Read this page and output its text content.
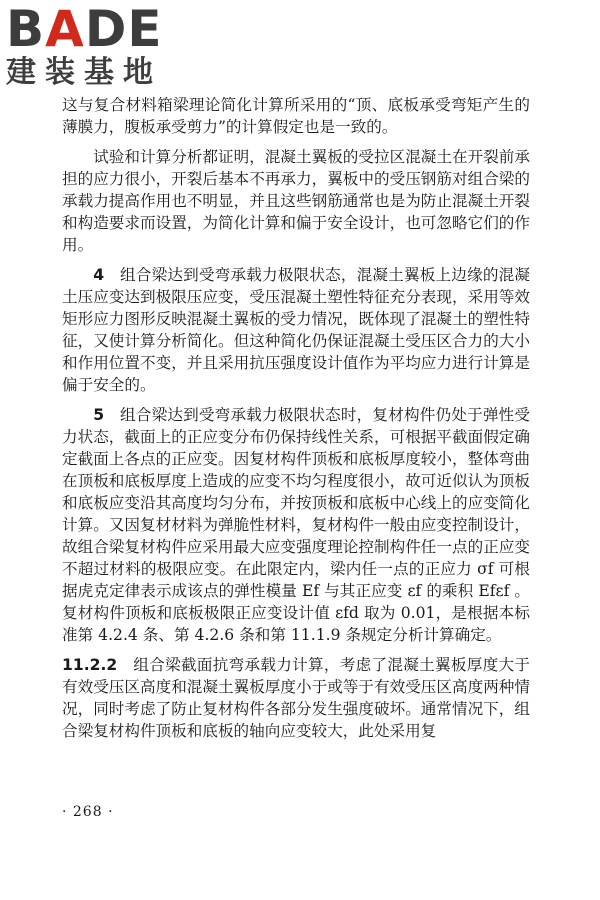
BADE
建装基地

这与复合材料箱梁理论简化计算所采用的“顶、底板承受弯矩产生的薄膜力，腹板承受剪力”的计算假定也是一致的。

试验和计算分析都证明，混凝土翼板的受拉区混凝土在开裂前承担的应力很小，开裂后基本不再承力，翼板中的受压钢筋对组合梁的承载力提高作用也不明显，并且这些钢筋通常也是为防止混凝土开裂和构造要求而设置，为简化计算和偏于安全设计，也可忽略它们的作用。

4　 组合梁达到受弯承载力极限状态，混凝土翼板上边缘的混凝土压应变达到极限压应变，受压混凝土塑性特征充分表现，采用等效矩形应力图形反映混凝土翼板的受力情况，既体现了混凝土的塑性特征，又使计算分析简化。但这种简化仍保证混凝土受压区合力的大小和作用位置不变，并且采用抗压强度设计值作为平均应力进行计算是偏于安全的。

5　 组合梁达到受弯承载力极限状态时，复材构件仍处于弹性受力状态，截面上的正应变分布仍保持线性关系，可根据平截面假定确定截面上各点的正应变。因复材构件顶板和底板厚度较小，整体弯曲在顶板和底板厚度上造成的应变不均匀程度很小，故可近似认为顶板和底板应变沿其高度均匀分布，并按顶板和底板中心线上的应变简化计算。又因复材材料为弹脆性材料，复材构件一般由应变控制设计，故组合梁复材构件应采用最大应变强度理论控制构件任一点的正应变不超过材料的极限应变。在此限定内，梁内任一点的正应力 σf 可根据虎克定律表示成该点的弹性模量 Ef 与其正应变 εf 的乘积 Efεf 。复材构件顶板和底板极限正应变设计值 εfd 取为 0.01，是根据本标准第 4.2.4 条、第 4.2.6 条和第 11.1.9 条规定分析计算确定。

11.2.2　 组合梁截面抗弯承载力计算，考虑了混凝土翼板厚度大于有效受压区高度和混凝土翼板厚度小于或等于有效受压区高度两种情况，同时考虑了防止复材构件各部分发生强度破坏。通常情况下，组合梁复材构件顶板和底板的轴向应变较大，此处采用复

· 268 ·
